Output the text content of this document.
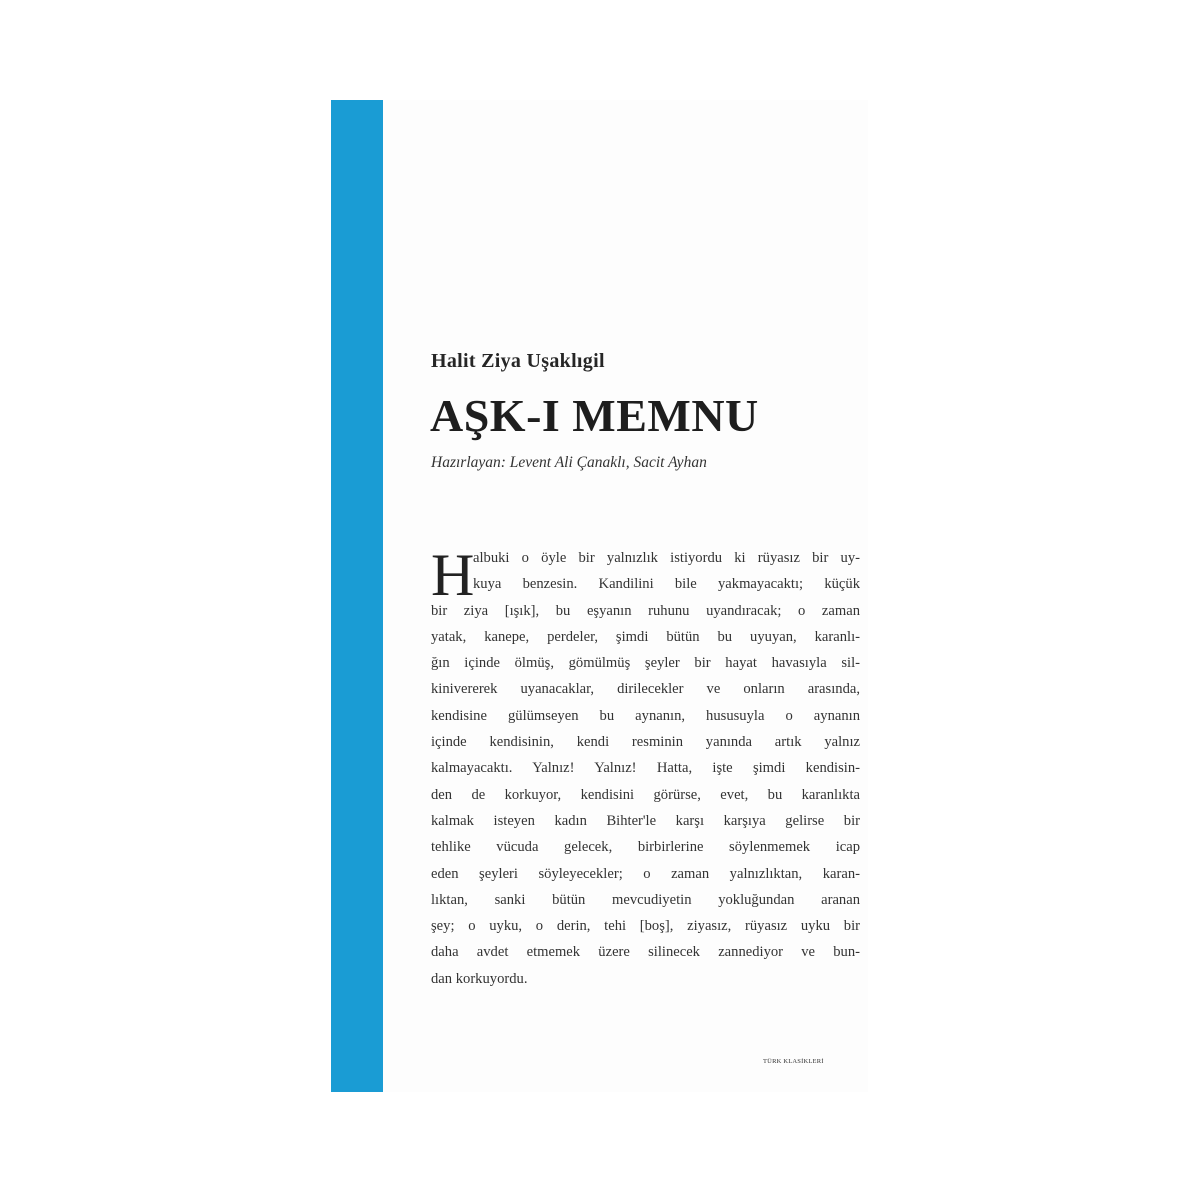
Halit Ziya Uşaklıgil
AŞK-I MEMNU
Hazırlayan: Levent Ali Çanaklı, Sacit Ayhan
H
albuki o öyle bir yalnızlık istiyordu ki rüyasız bir uy-
kuya benzesin. Kandilini bile yakmayacaktı; küçük
bir ziya [ışık], bu eşyanın ruhunu uyandıracak; o zaman
yatak, kanepe, perdeler, şimdi bütün bu uyuyan, karanlı-
ğın içinde ölmüş, gömülmüş şeyler bir hayat havasıyla sil-
kinivererek uyanacaklar, dirilecekler ve onların arasında,
kendisine gülümseyen bu aynanın, hususuyla o aynanın
içinde kendisinin, kendi resminin yanında artık yalnız
kalmayacaktı. Yalnız! Yalnız! Hatta, işte şimdi kendisin-
den de korkuyor, kendisini görürse, evet, bu karanlıkta
kalmak isteyen kadın Bihter'le karşı karşıya gelirse bir
tehlike vücuda gelecek, birbirlerine söylenmemek icap
eden şeyleri söyleyecekler; o zaman yalnızlıktan, karan-
lıktan, sanki bütün mevcudiyetin yokluğundan aranan
şey; o uyku, o derin, tehi [boş], ziyasız, rüyasız uyku bir
daha avdet etmemek üzere silinecek zannediyor ve bun-
dan korkuyordu.
TÜRK KLASİKLERİ
